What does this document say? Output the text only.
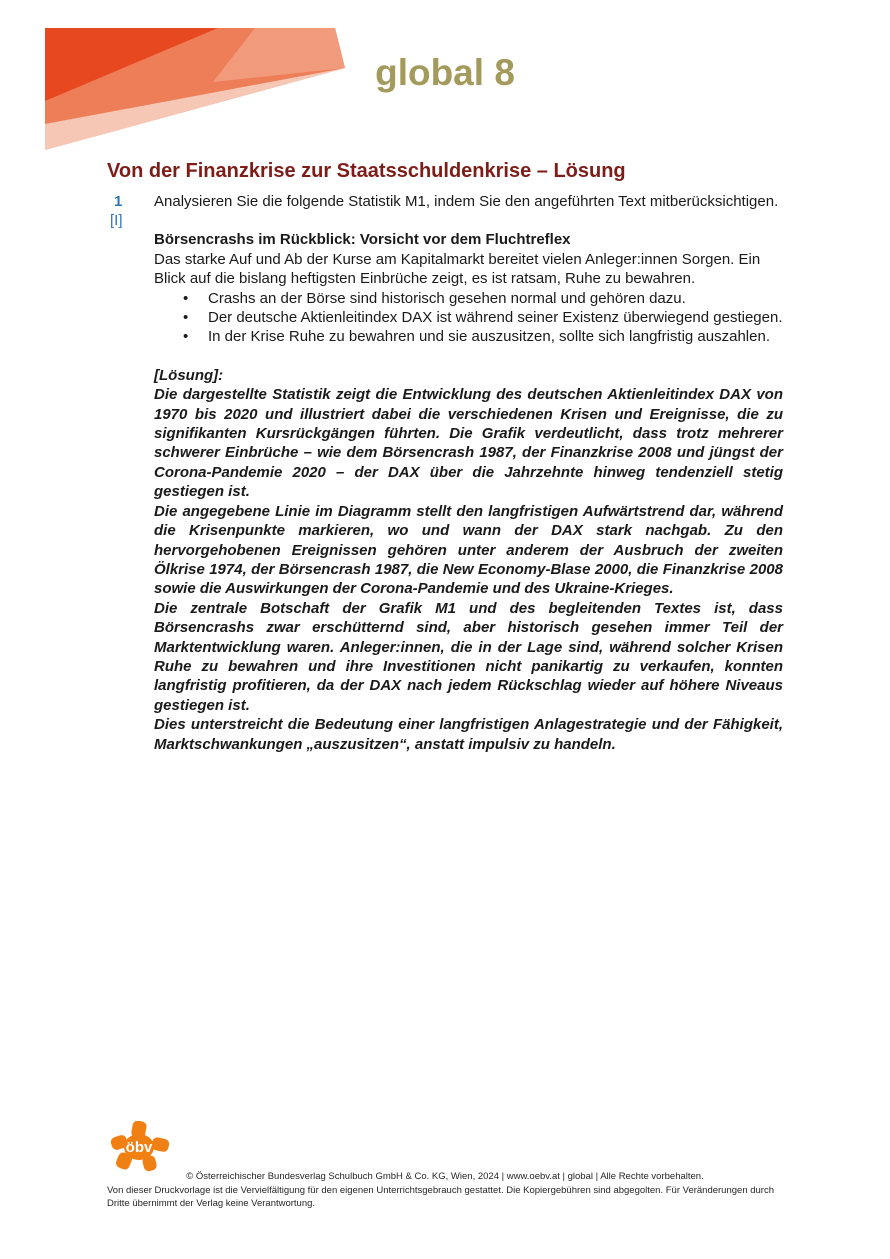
global 8
Von der Finanzkrise zur Staatsschuldenkrise – Lösung
1
[I]

Analysieren Sie die folgende Statistik M1, indem Sie den angeführten Text mitberücksichtigen.

Börsencrashs im Rückblick: Vorsicht vor dem Fluchtreflex

Das starke Auf und Ab der Kurse am Kapitalmarkt bereitet vielen Anleger:innen Sorgen. Ein Blick auf die bislang heftigsten Einbrüche zeigt, es ist ratsam, Ruhe zu bewahren.

• Crashs an der Börse sind historisch gesehen normal und gehören dazu.
• Der deutsche Aktienleitindex DAX ist während seiner Existenz überwiegend gestiegen.
• In der Krise Ruhe zu bewahren und sie auszusitzen, sollte sich langfristig auszahlen.

[Lösung]:

Die dargestellte Statistik zeigt die Entwicklung des deutschen Aktienleitindex DAX von 1970 bis 2020 und illustriert dabei die verschiedenen Krisen und Ereignisse, die zu signifikanten Kursrückgängen führten. Die Grafik verdeutlicht, dass trotz mehrerer schwerer Einbrüche – wie dem Börsencrash 1987, der Finanzkrise 2008 und jüngst der Corona-Pandemie 2020 – der DAX über die Jahrzehnte hinweg tendenziell stetig gestiegen ist.

Die angegebene Linie im Diagramm stellt den langfristigen Aufwärtstrend dar, während die Krisenpunkte markieren, wo und wann der DAX stark nachgab. Zu den hervorgehobenen Ereignissen gehören unter anderem der Ausbruch der zweiten Ölkrise 1974, der Börsencrash 1987, die New Economy-Blase 2000, die Finanzkrise 2008 sowie die Auswirkungen der Corona-Pandemie und des Ukraine-Krieges.

Die zentrale Botschaft der Grafik M1 und des begleitenden Textes ist, dass Börsencrashs zwar erschütternd sind, aber historisch gesehen immer Teil der Marktentwicklung waren. Anleger:innen, die in der Lage sind, während solcher Krisen Ruhe zu bewahren und ihre Investitionen nicht panikartig zu verkaufen, konnten langfristig profitieren, da der DAX nach jedem Rückschlag wieder auf höhere Niveaus gestiegen ist.

Dies unterstreicht die Bedeutung einer langfristigen Anlagestrategie und der Fähigkeit, Marktschwankungen „auszusitzen“, anstatt impulsiv zu handeln.

öbv
© Österreichischer Bundesverlag Schulbuch GmbH & Co. KG, Wien, 2024 | www.oebv.at | global | Alle Rechte vorbehalten.
Von dieser Druckvorlage ist die Vervielfältigung für den eigenen Unterrichtsgebrauch gestattet. Die Kopiergebühren sind abgegolten. Für Veränderungen durch Dritte übernimmt der Verlag keine Verantwortung.
